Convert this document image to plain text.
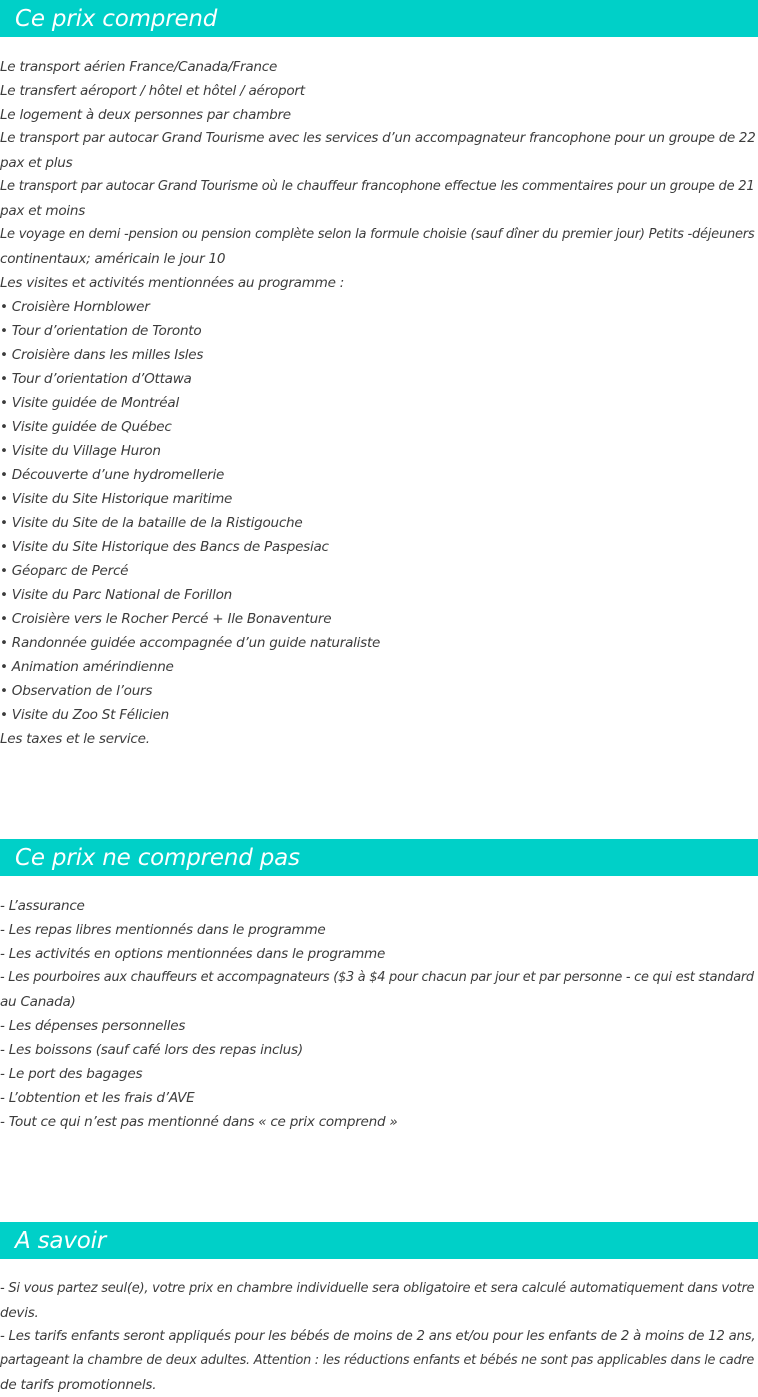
Ce prix comprend
Le transport aérien France/Canada/France
Le transfert aéroport / hôtel et hôtel / aéroport
Le logement à deux personnes par chambre
Le transport par autocar Grand Tourisme avec les services d’un accompagnateur francophone pour un groupe de 22
pax et plus
Le transport par autocar Grand Tourisme où le chauffeur francophone effectue les commentaires pour un groupe de 21
pax et moins
Le voyage en demi -pension ou pension complète selon la formule choisie (sauf dîner du premier jour) Petits -déjeuners
continentaux; américain le jour 10
Les visites et activités mentionnées au programme :
• Croisière Hornblower
• Tour d’orientation de Toronto
• Croisière dans les milles Isles
• Tour d’orientation d’Ottawa
• Visite guidée de Montréal
• Visite guidée de Québec
• Visite du Village Huron
• Découverte d’une hydromellerie
• Visite du Site Historique maritime
• Visite du Site de la bataille de la Ristigouche
• Visite du Site Historique des Bancs de Paspesiac
• Géoparc de Percé
• Visite du Parc National de Forillon
• Croisière vers le Rocher Percé + Ile Bonaventure
• Randonnée guidée accompagnée d’un guide naturaliste
• Animation amérindienne
• Observation de l’ours
• Visite du Zoo St Félicien
Les taxes et le service.
Ce prix ne comprend pas
- L’assurance
- Les repas libres mentionnés dans le programme
- Les activités en options mentionnées dans le programme
- Les pourboires aux chauffeurs et accompagnateurs ($3 à $4 pour chacun par jour et par personne - ce qui est standard
au Canada)
- Les dépenses personnelles
- Les boissons (sauf café lors des repas inclus)
- Le port des bagages
- L’obtention et les frais d’AVE
- Tout ce qui n’est pas mentionné dans « ce prix comprend »
A savoir
- Si vous partez seul(e), votre prix en chambre individuelle sera obligatoire et sera calculé automatiquement dans votre
devis.
- Les tarifs enfants seront appliqués pour les bébés de moins de 2 ans et/ou pour les enfants de 2 à moins de 12 ans,
partageant la chambre de deux adultes. Attention : les réductions enfants et bébés ne sont pas applicables dans le cadre
de tarifs promotionnels.
